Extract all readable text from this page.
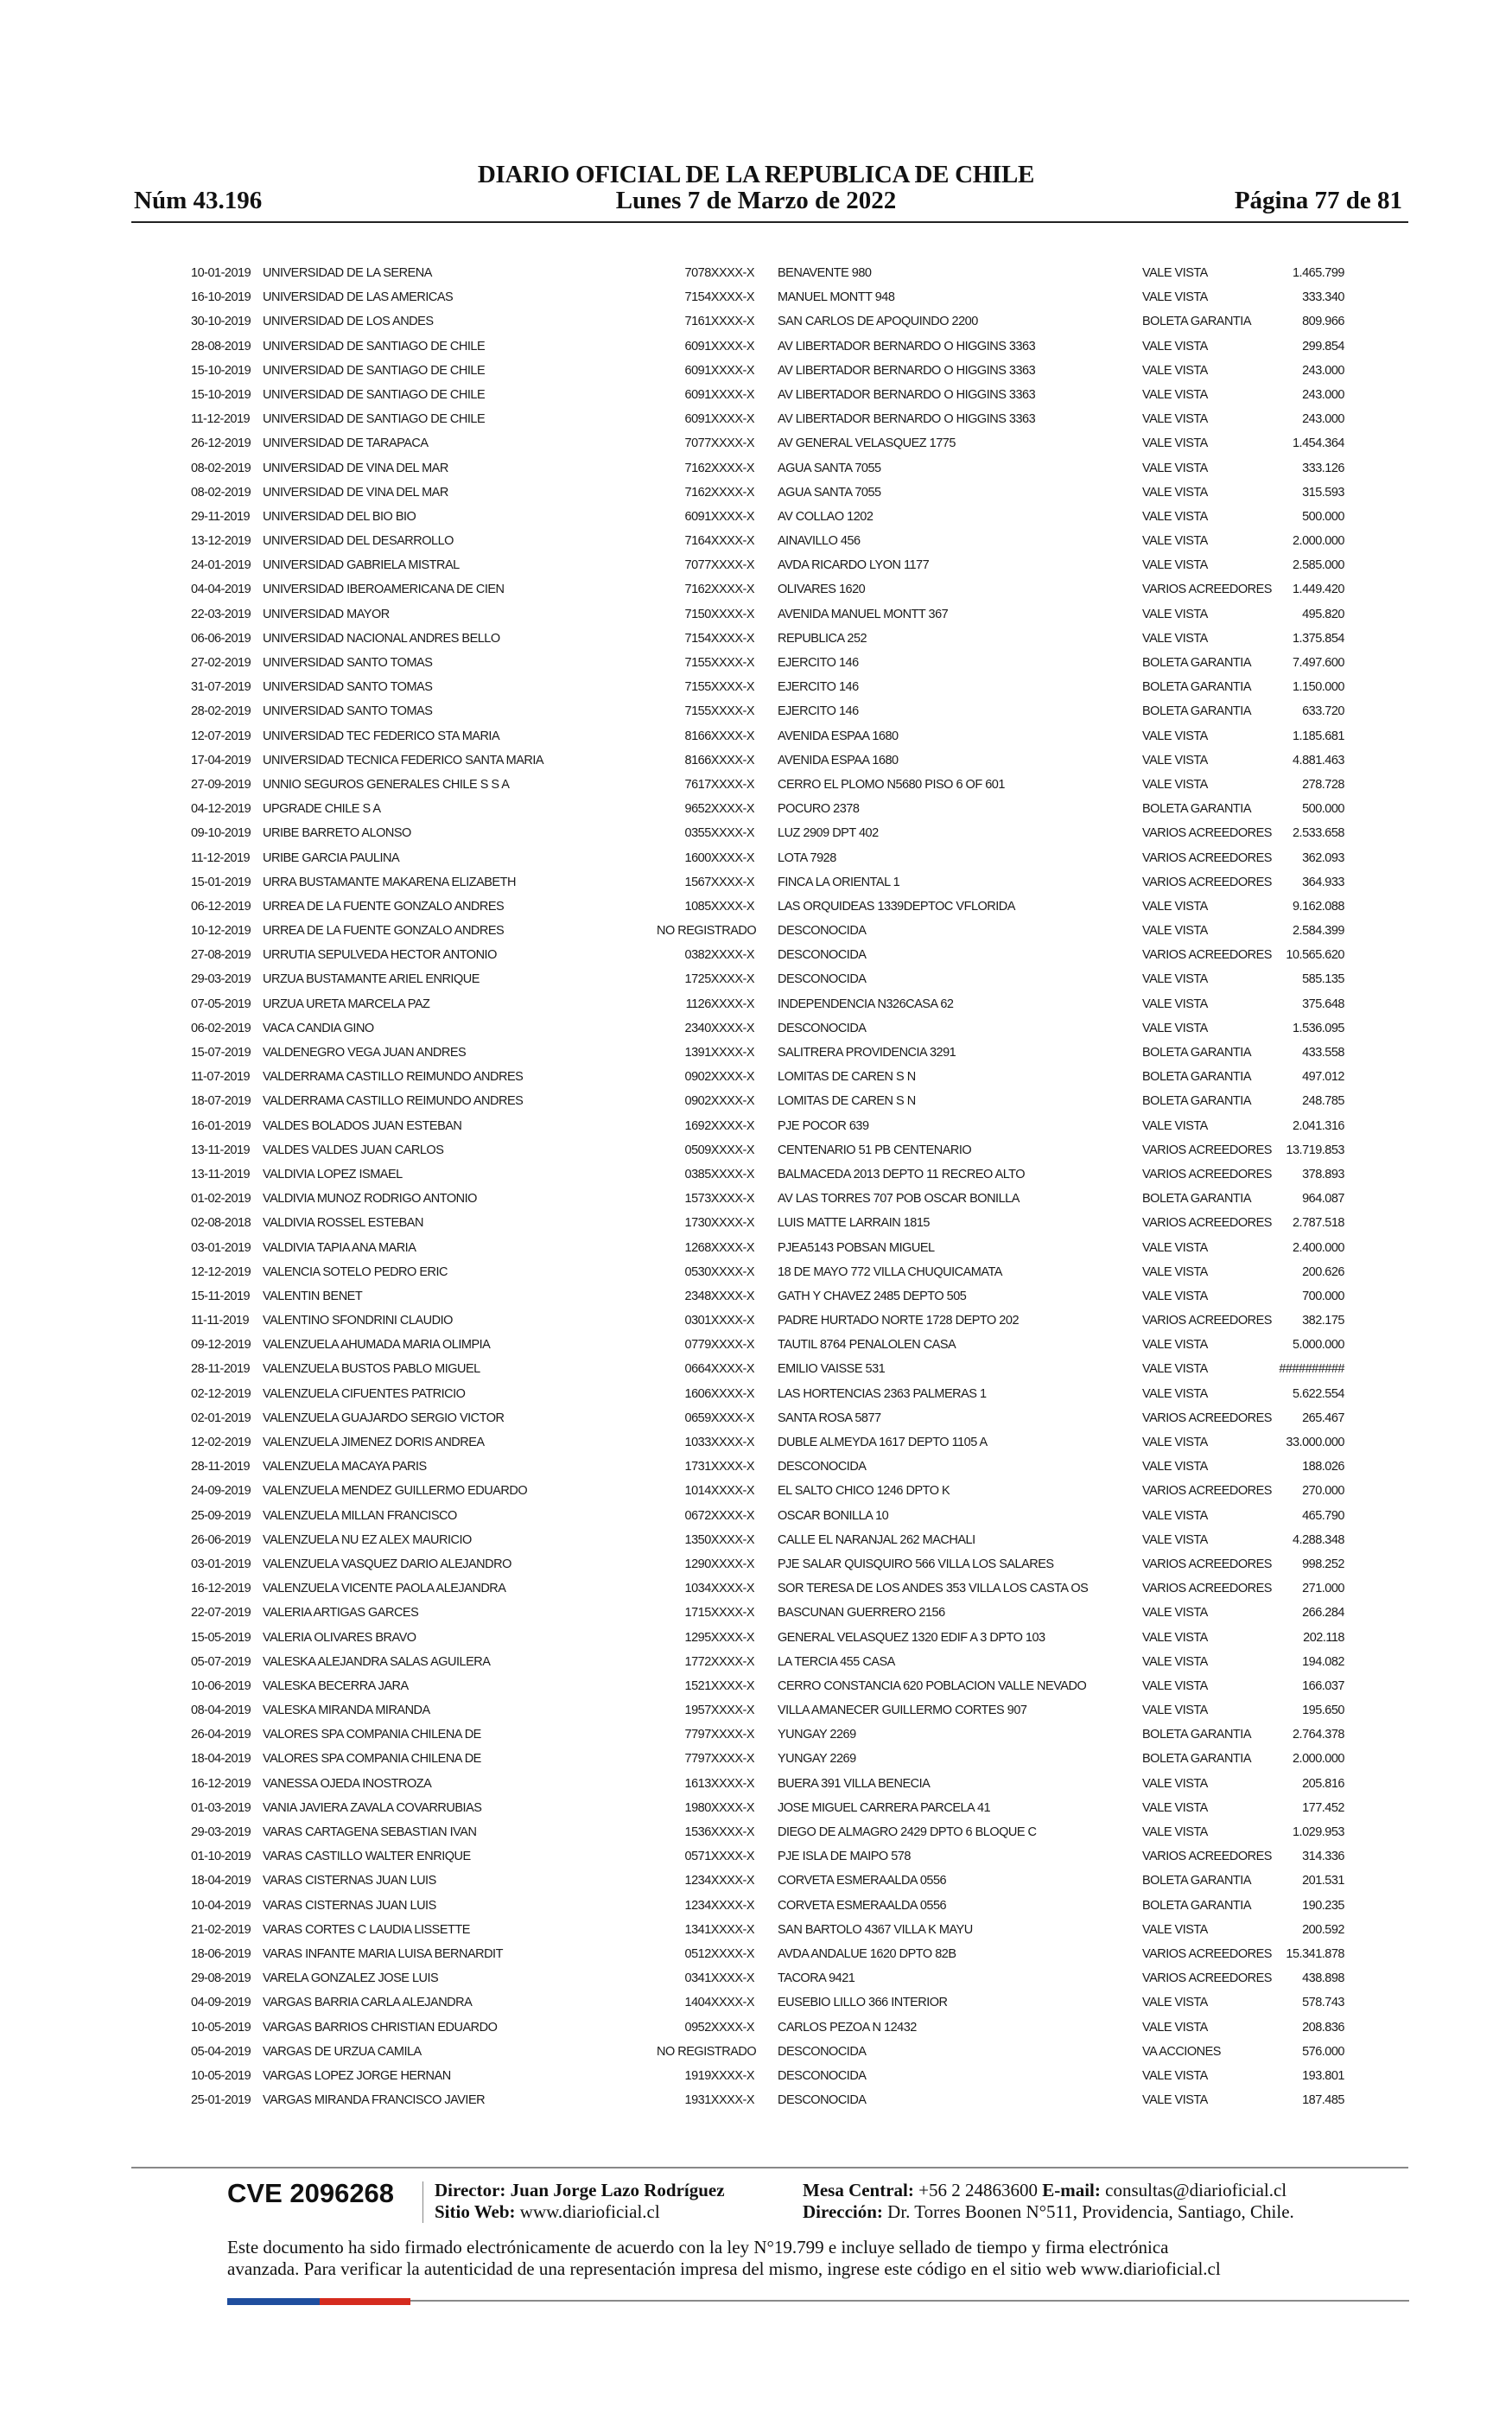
DIARIO OFICIAL DE LA REPUBLICA DE CHILE
Núm 43.196	Lunes 7 de Marzo de 2022	Página 77 de 81
10-01-2019 UNIVERSIDAD DE LA SERENA	7078XXXX-X BENAVENTE 980	VALE VISTA	1.465.799
16-10-2019 UNIVERSIDAD DE LAS AMERICAS	7154XXXX-X MANUEL MONTT 948	VALE VISTA	333.340
30-10-2019 UNIVERSIDAD DE LOS ANDES	7161XXXX-X SAN CARLOS DE APOQUINDO 2200	BOLETA GARANTIA	809.966
28-08-2019 UNIVERSIDAD DE SANTIAGO DE CHILE	6091XXXX-X AV LIBERTADOR BERNARDO O HIGGINS 3363	VALE VISTA	299.854
15-10-2019 UNIVERSIDAD DE SANTIAGO DE CHILE	6091XXXX-X AV LIBERTADOR BERNARDO O HIGGINS 3363	VALE VISTA	243.000
15-10-2019 UNIVERSIDAD DE SANTIAGO DE CHILE	6091XXXX-X AV LIBERTADOR BERNARDO O HIGGINS 3363	VALE VISTA	243.000
11-12-2019 UNIVERSIDAD DE SANTIAGO DE CHILE	6091XXXX-X AV LIBERTADOR BERNARDO O HIGGINS 3363	VALE VISTA	243.000
26-12-2019 UNIVERSIDAD DE TARAPACA	7077XXXX-X AV GENERAL VELASQUEZ 1775	VALE VISTA	1.454.364
08-02-2019 UNIVERSIDAD DE VINA DEL MAR	7162XXXX-X AGUA SANTA 7055	VALE VISTA	333.126
08-02-2019 UNIVERSIDAD DE VINA DEL MAR	7162XXXX-X AGUA SANTA 7055	VALE VISTA	315.593
29-11-2019 UNIVERSIDAD DEL BIO BIO	6091XXXX-X AV COLLAO 1202	VALE VISTA	500.000
13-12-2019 UNIVERSIDAD DEL DESARROLLO	7164XXXX-X AINAVILLO 456	VALE VISTA	2.000.000
24-01-2019 UNIVERSIDAD GABRIELA MISTRAL	7077XXXX-X AVDA RICARDO LYON 1177	VALE VISTA	2.585.000
04-04-2019 UNIVERSIDAD IBEROAMERICANA DE CIEN	7162XXXX-X OLIVARES 1620	VARIOS ACREEDORES	1.449.420
22-03-2019 UNIVERSIDAD MAYOR	7150XXXX-X AVENIDA MANUEL MONTT 367	VALE VISTA	495.820
06-06-2019 UNIVERSIDAD NACIONAL ANDRES BELLO	7154XXXX-X REPUBLICA 252	VALE VISTA	1.375.854
27-02-2019 UNIVERSIDAD SANTO TOMAS	7155XXXX-X EJERCITO 146	BOLETA GARANTIA	7.497.600
31-07-2019 UNIVERSIDAD SANTO TOMAS	7155XXXX-X EJERCITO 146	BOLETA GARANTIA	1.150.000
28-02-2019 UNIVERSIDAD SANTO TOMAS	7155XXXX-X EJERCITO 146	BOLETA GARANTIA	633.720
12-07-2019 UNIVERSIDAD TEC FEDERICO STA MARIA	8166XXXX-X AVENIDA ESPAA 1680	VALE VISTA	1.185.681
17-04-2019 UNIVERSIDAD TECNICA FEDERICO SANTA MARIA	8166XXXX-X AVENIDA ESPAA 1680	VALE VISTA	4.881.463
27-09-2019 UNNIO SEGUROS GENERALES CHILE S S A	7617XXXX-X CERRO EL PLOMO N5680 PISO 6 OF 601	VALE VISTA	278.728
04-12-2019 UPGRADE CHILE S A	9652XXXX-X POCURO 2378	BOLETA GARANTIA	500.000
09-10-2019 URIBE BARRETO ALONSO	0355XXXX-X LUZ 2909 DPT 402	VARIOS ACREEDORES	2.533.658
11-12-2019 URIBE GARCIA PAULINA	1600XXXX-X LOTA 7928	VARIOS ACREEDORES	362.093
15-01-2019 URRA BUSTAMANTE MAKARENA ELIZABETH	1567XXXX-X FINCA LA ORIENTAL 1	VARIOS ACREEDORES	364.933
06-12-2019 URREA DE LA FUENTE GONZALO ANDRES	1085XXXX-X LAS ORQUIDEAS 1339DEPTOC VFLORIDA	VALE VISTA	9.162.088
10-12-2019 URREA DE LA FUENTE GONZALO ANDRES	NO REGISTRADO DESCONOCIDA	VALE VISTA	2.584.399
27-08-2019 URRUTIA SEPULVEDA HECTOR ANTONIO	0382XXXX-X DESCONOCIDA	VARIOS ACREEDORES	10.565.620
29-03-2019 URZUA BUSTAMANTE ARIEL ENRIQUE	1725XXXX-X DESCONOCIDA	VALE VISTA	585.135
07-05-2019 URZUA URETA MARCELA PAZ	1126XXXX-X INDEPENDENCIA N326CASA 62	VALE VISTA	375.648
06-02-2019 VACA CANDIA GINO	2340XXXX-X DESCONOCIDA	VALE VISTA	1.536.095
15-07-2019 VALDENEGRO VEGA JUAN ANDRES	1391XXXX-X SALITRERA PROVIDENCIA 3291	BOLETA GARANTIA	433.558
11-07-2019 VALDERRAMA CASTILLO REIMUNDO ANDRES	0902XXXX-X LOMITAS DE CAREN S N	BOLETA GARANTIA	497.012
18-07-2019 VALDERRAMA CASTILLO REIMUNDO ANDRES	0902XXXX-X LOMITAS DE CAREN S N	BOLETA GARANTIA	248.785
16-01-2019 VALDES BOLADOS JUAN ESTEBAN	1692XXXX-X PJE POCOR 639	VALE VISTA	2.041.316
13-11-2019 VALDES VALDES JUAN CARLOS	0509XXXX-X CENTENARIO 51 PB CENTENARIO	VARIOS ACREEDORES	13.719.853
13-11-2019 VALDIVIA LOPEZ ISMAEL	0385XXXX-X BALMACEDA 2013 DEPTO 11 RECREO ALTO	VARIOS ACREEDORES	378.893
01-02-2019 VALDIVIA MUNOZ RODRIGO ANTONIO	1573XXXX-X AV LAS TORRES 707 POB OSCAR BONILLA	BOLETA GARANTIA	964.087
02-08-2018 VALDIVIA ROSSEL ESTEBAN	1730XXXX-X LUIS MATTE LARRAIN 1815	VARIOS ACREEDORES	2.787.518
03-01-2019 VALDIVIA TAPIA ANA MARIA	1268XXXX-X PJEA5143 POBSAN MIGUEL	VALE VISTA	2.400.000
12-12-2019 VALENCIA SOTELO PEDRO ERIC	0530XXXX-X 18 DE MAYO 772 VILLA CHUQUICAMATA	VALE VISTA	200.626
15-11-2019 VALENTIN BENET	2348XXXX-X GATH Y CHAVEZ 2485 DEPTO 505	VALE VISTA	700.000
11-11-2019 VALENTINO SFONDRINI CLAUDIO	0301XXXX-X PADRE HURTADO NORTE 1728 DEPTO 202	VARIOS ACREEDORES	382.175
09-12-2019 VALENZUELA AHUMADA MARIA OLIMPIA	0779XXXX-X TAUTIL 8764 PENALOLEN CASA	VALE VISTA	5.000.000
28-11-2019 VALENZUELA BUSTOS PABLO MIGUEL	0664XXXX-X EMILIO VAISSE 531	VALE VISTA	##########
02-12-2019 VALENZUELA CIFUENTES PATRICIO	1606XXXX-X LAS HORTENCIAS 2363 PALMERAS 1	VALE VISTA	5.622.554
02-01-2019 VALENZUELA GUAJARDO SERGIO VICTOR	0659XXXX-X SANTA ROSA 5877	VARIOS ACREEDORES	265.467
12-02-2019 VALENZUELA JIMENEZ DORIS ANDREA	1033XXXX-X DUBLE ALMEYDA 1617 DEPTO 1105 A	VALE VISTA	33.000.000
28-11-2019 VALENZUELA MACAYA PARIS	1731XXXX-X DESCONOCIDA	VALE VISTA	188.026
24-09-2019 VALENZUELA MENDEZ GUILLERMO EDUARDO	1014XXXX-X EL SALTO CHICO 1246 DPTO K	VARIOS ACREEDORES	270.000
25-09-2019 VALENZUELA MILLAN FRANCISCO	0672XXXX-X OSCAR BONILLA 10	VALE VISTA	465.790
26-06-2019 VALENZUELA NU EZ ALEX MAURICIO	1350XXXX-X CALLE EL NARANJAL 262 MACHALI	VALE VISTA	4.288.348
03-01-2019 VALENZUELA VASQUEZ DARIO ALEJANDRO	1290XXXX-X PJE SALAR QUISQUIRO 566 VILLA LOS SALARES	VARIOS ACREEDORES	998.252
16-12-2019 VALENZUELA VICENTE PAOLA ALEJANDRA	1034XXXX-X SOR TERESA DE LOS ANDES 353 VILLA LOS CASTA OS	VARIOS ACREEDORES	271.000
22-07-2019 VALERIA ARTIGAS GARCES	1715XXXX-X BASCUNAN GUERRERO 2156	VALE VISTA	266.284
15-05-2019 VALERIA OLIVARES BRAVO	1295XXXX-X GENERAL VELASQUEZ 1320 EDIF A 3 DPTO 103	VALE VISTA	202.118
05-07-2019 VALESKA ALEJANDRA SALAS AGUILERA	1772XXXX-X LA TERCIA 455 CASA	VALE VISTA	194.082
10-06-2019 VALESKA BECERRA JARA	1521XXXX-X CERRO CONSTANCIA 620 POBLACION VALLE NEVADO	VALE VISTA	166.037
08-04-2019 VALESKA MIRANDA MIRANDA	1957XXXX-X VILLA AMANECER GUILLERMO CORTES 907	VALE VISTA	195.650
26-04-2019 VALORES SPA COMPANIA CHILENA DE	7797XXXX-X YUNGAY 2269	BOLETA GARANTIA	2.764.378
18-04-2019 VALORES SPA COMPANIA CHILENA DE	7797XXXX-X YUNGAY 2269	BOLETA GARANTIA	2.000.000
16-12-2019 VANESSA OJEDA INOSTROZA	1613XXXX-X BUERA 391 VILLA BENECIA	VALE VISTA	205.816
01-03-2019 VANIA JAVIERA ZAVALA COVARRUBIAS	1980XXXX-X JOSE MIGUEL CARRERA PARCELA 41	VALE VISTA	177.452
29-03-2019 VARAS CARTAGENA SEBASTIAN IVAN	1536XXXX-X DIEGO DE ALMAGRO 2429 DPTO 6 BLOQUE C	VALE VISTA	1.029.953
01-10-2019 VARAS CASTILLO WALTER ENRIQUE	0571XXXX-X PJE ISLA DE MAIPO 578	VARIOS ACREEDORES	314.336
18-04-2019 VARAS CISTERNAS JUAN LUIS	1234XXXX-X CORVETA ESMERAALDA 0556	BOLETA GARANTIA	201.531
10-04-2019 VARAS CISTERNAS JUAN LUIS	1234XXXX-X CORVETA ESMERAALDA 0556	BOLETA GARANTIA	190.235
21-02-2019 VARAS CORTES C LAUDIA LISSETTE	1341XXXX-X SAN BARTOLO 4367 VILLA K MAYU	VALE VISTA	200.592
18-06-2019 VARAS INFANTE MARIA LUISA BERNARDIT	0512XXXX-X AVDA ANDALUE 1620 DPTO 82B	VARIOS ACREEDORES	15.341.878
29-08-2019 VARELA GONZALEZ JOSE LUIS	0341XXXX-X TACORA 9421	VARIOS ACREEDORES	438.898
04-09-2019 VARGAS BARRIA CARLA ALEJANDRA	1404XXXX-X EUSEBIO LILLO 366 INTERIOR	VALE VISTA	578.743
10-05-2019 VARGAS BARRIOS CHRISTIAN EDUARDO	0952XXXX-X CARLOS PEZOA N 12432	VALE VISTA	208.836
05-04-2019 VARGAS DE URZUA CAMILA	NO REGISTRADO DESCONOCIDA	VA ACCIONES	576.000
10-05-2019 VARGAS LOPEZ JORGE HERNAN	1919XXXX-X DESCONOCIDA	VALE VISTA	193.801
25-01-2019 VARGAS MIRANDA FRANCISCO JAVIER	1931XXXX-X DESCONOCIDA	VALE VISTA	187.485
CVE 2096268 Director: Juan Jorge Lazo Rodríguez
Sitio Web: www.diarioficial.cl
Mesa Central: +56 2 24863600 E-mail: consultas@diarioficial.cl
Dirección: Dr. Torres Boonen N°511, Providencia, Santiago, Chile.
Este documento ha sido firmado electrónicamente de acuerdo con la ley N°19.799 e incluye sellado de tiempo y firma electrónica
avanzada. Para verificar la autenticidad de una representación impresa del mismo, ingrese este código en el sitio web www.diarioficial.cl
